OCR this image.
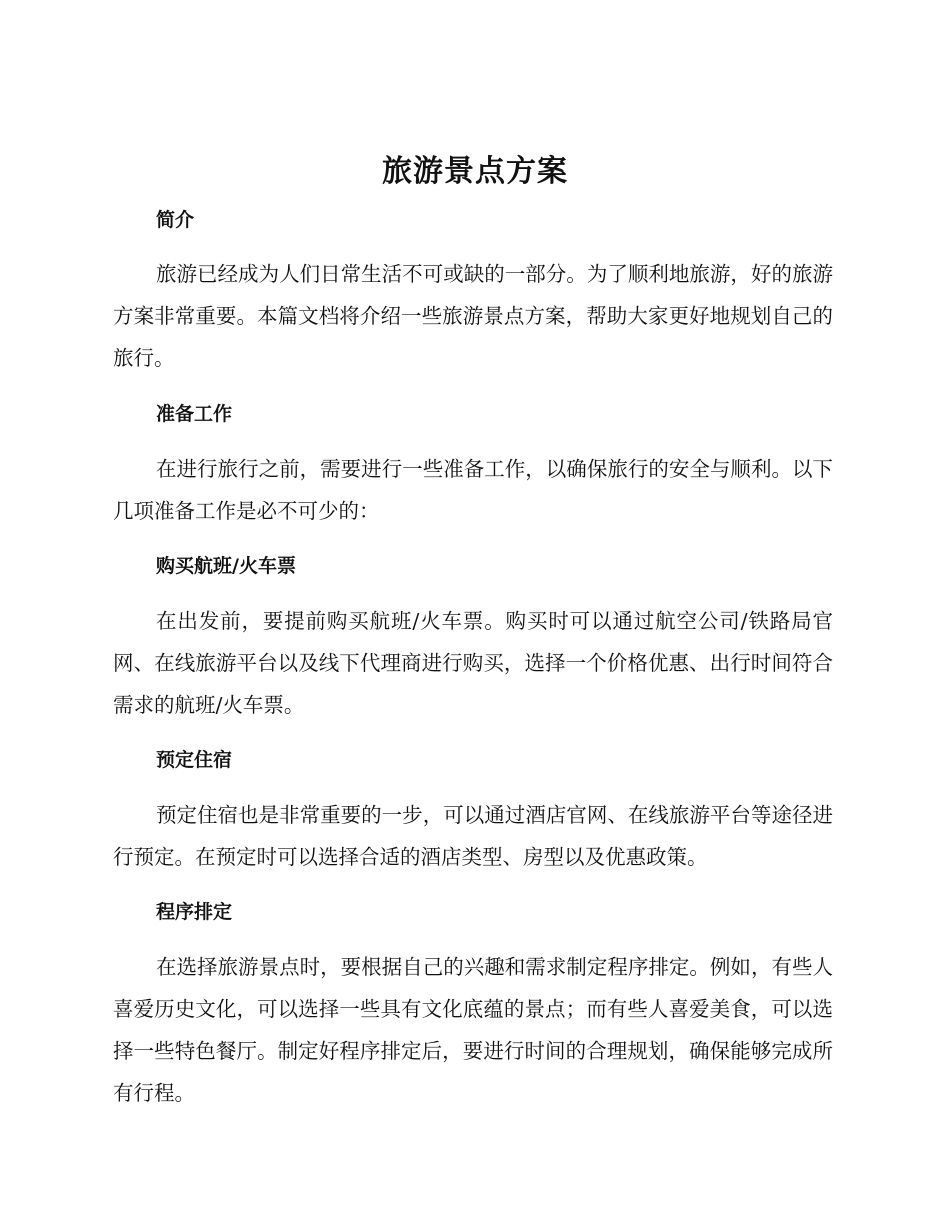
旅游景点方案
简介

旅游已经成为人们日常生活不可或缺的一部分。为了顺利地旅游，好的旅游方案非常重要。本篇文档将介绍一些旅游景点方案，帮助大家更好地规划自己的旅行。

准备工作

在进行旅行之前，需要进行一些准备工作，以确保旅行的安全与顺利。以下几项准备工作是必不可少的：

购买航班/火车票

在出发前，要提前购买航班/火车票。购买时可以通过航空公司/铁路局官网、在线旅游平台以及线下代理商进行购买，选择一个价格优惠、出行时间符合需求的航班/火车票。

预定住宿

预定住宿也是非常重要的一步，可以通过酒店官网、在线旅游平台等途径进行预定。在预定时可以选择合适的酒店类型、房型以及优惠政策。

程序排定

在选择旅游景点时，要根据自己的兴趣和需求制定程序排定。例如，有些人喜爱历史文化，可以选择一些具有文化底蕴的景点；而有些人喜爱美食，可以选择一些特色餐厅。制定好程序排定后，要进行时间的合理规划，确保能够完成所有行程。
